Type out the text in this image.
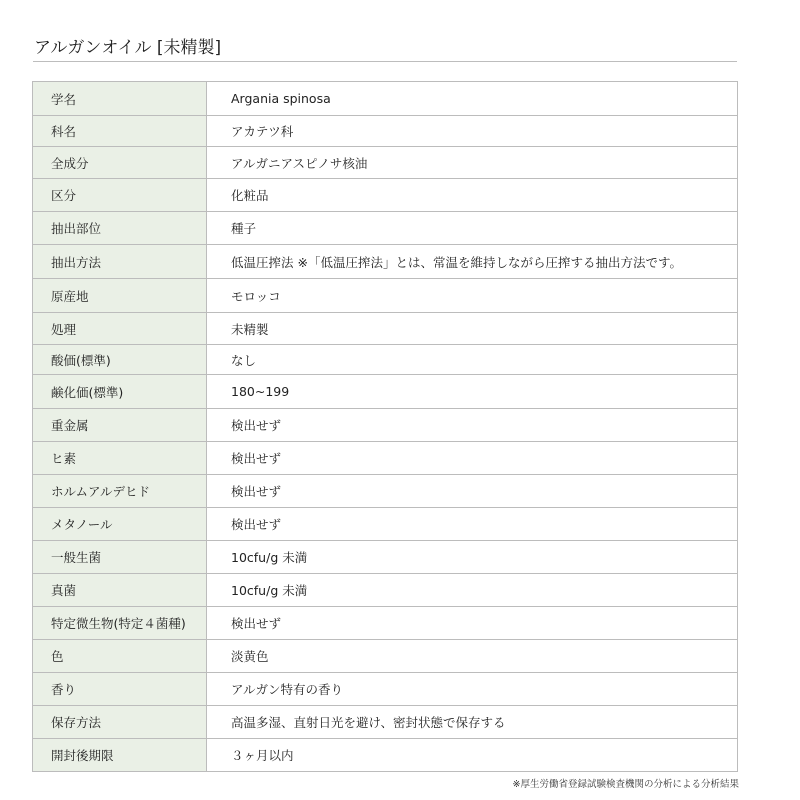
アルガンオイル [未精製]
学名	Argania spinosa
科名	アカテツ科
全成分	アルガニアスピノサ核油
区分	化粧品
抽出部位	種子
抽出方法	低温圧搾法 ※「低温圧搾法」とは、常温を維持しながら圧搾する抽出方法です。
原産地	モロッコ
処理	未精製
酸価(標準)	なし
鹸化価(標準)	180~199
重金属	検出せず
ヒ素	検出せず
ホルムアルデヒド	検出せず
メタノール	検出せず
一般生菌	10cfu/g 未満
真菌	10cfu/g 未満
特定微生物(特定４菌種)	検出せず
色	淡黄色
香り	アルガン特有の香り
保存方法	高温多湿、直射日光を避け、密封状態で保存する
開封後期限	３ヶ月以内
※厚生労働省登録試験検査機関の分析による分析結果
